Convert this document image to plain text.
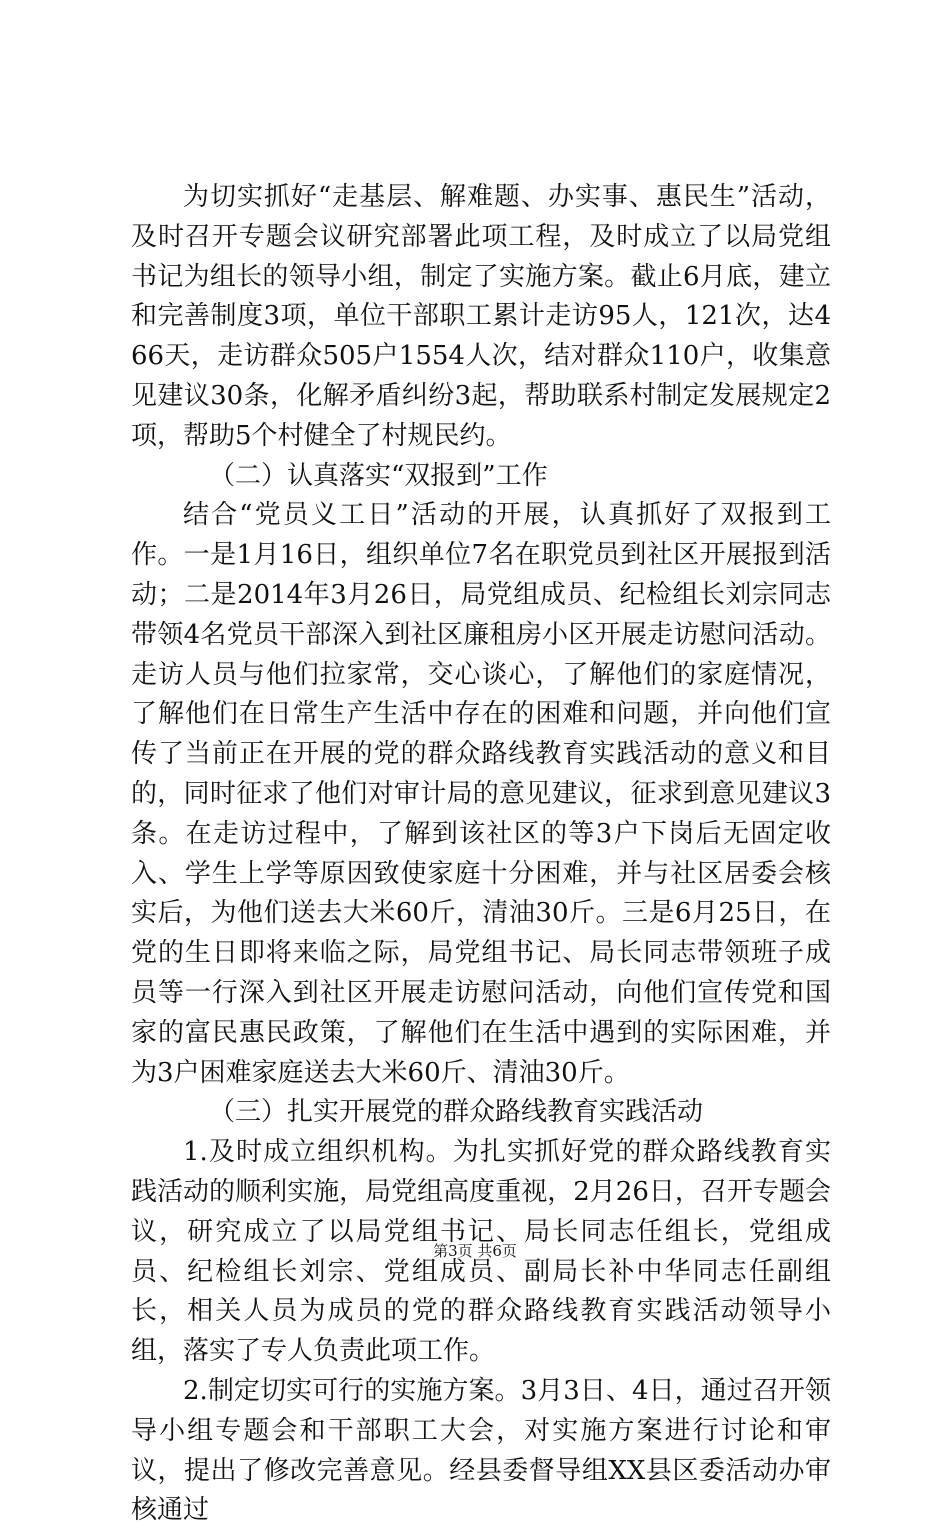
为切实抓好“走基层、解难题、办实事、惠民生”活动，及时召开专题会议研究部署此项工程，及时成立了以局党组书记为组长的领导小组，制定了实施方案。截止6月底，建立和完善制度3项，单位干部职工累计走访95人，121次，达466天，走访群众505户1554人次，结对群众110户，收集意见建议30条，化解矛盾纠纷3起，帮助联系村制定发展规定2项，帮助5个村健全了村规民约。

（二）认真落实“双报到”工作

结合“党员义工日”活动的开展，认真抓好了双报到工作。一是1月16日，组织单位7名在职党员到社区开展报到活动；二是2014年3月26日，局党组成员、纪检组长刘宗同志带领4名党员干部深入到社区廉租房小区开展走访慰问活动。走访人员与他们拉家常，交心谈心，了解他们的家庭情况，了解他们在日常生产生活中存在的困难和问题，并向他们宣传了当前正在开展的党的群众路线教育实践活动的意义和目的，同时征求了他们对审计局的意见建议，征求到意见建议3条。在走访过程中，了解到该社区的等3户下岗后无固定收入、学生上学等原因致使家庭十分困难，并与社区居委会核实后，为他们送去大米60斤，清油30斤。三是6月25日，在党的生日即将来临之际，局党组书记、局长同志带领班子成员等一行深入到社区开展走访慰问活动，向他们宣传党和国家的富民惠民政策，了解他们在生活中遇到的实际困难，并为3户困难家庭送去大米60斤、清油30斤。

（三）扎实开展党的群众路线教育实践活动

1.及时成立组织机构。为扎实抓好党的群众路线教育实践活动的顺利实施，局党组高度重视，2月26日，召开专题会议，研究成立了以局党组书记、局长同志任组长，党组成员、纪检组长刘宗、党组成员、副局长补中华同志任副组长，相关人员为成员的党的群众路线教育实践活动领导小组，落实了专人负责此项工作。

2.制定切实可行的实施方案。3月3日、4日，通过召开领导小组专题会和干部职工大会，对实施方案进行讨论和审议，提出了修改完善意见。经县委督导组XX县区委活动办审核通过

第3页 共6页
